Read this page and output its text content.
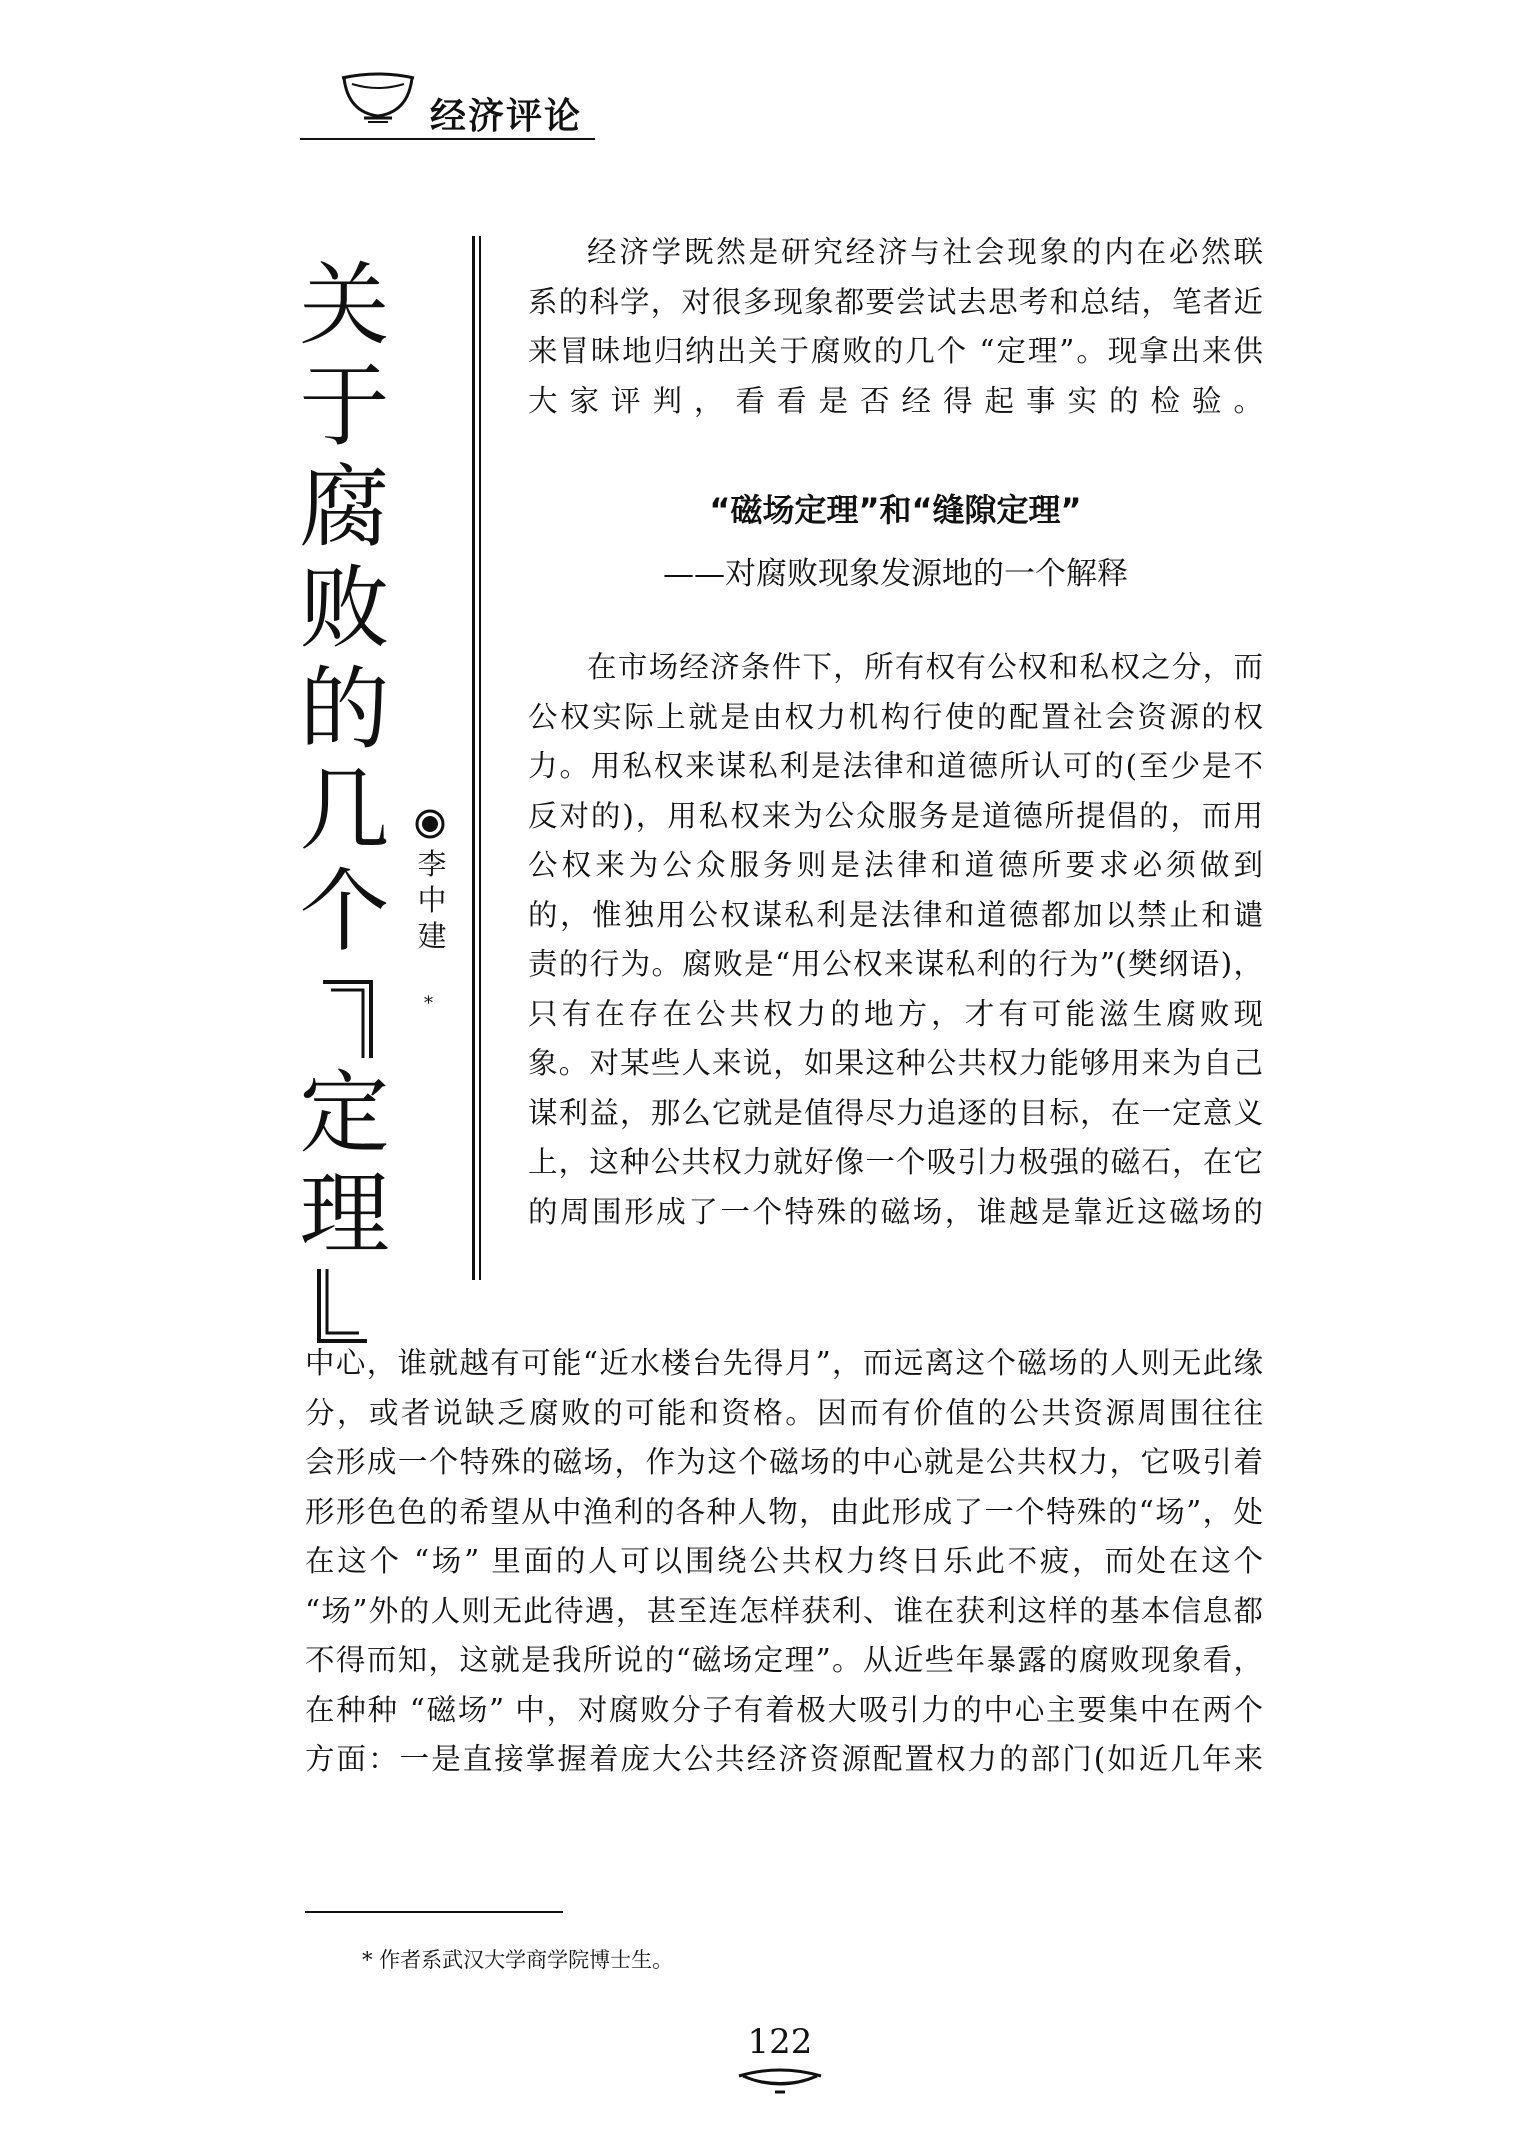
经济评论
关
于
腐
败
的
几
个
定
理
李
中
建
*
经济学既然是研究经济与社会现象的内在必然联
系的科学，对很多现象都要尝试去思考和总结，笔者近
来冒昧地归纳出关于腐败的几个 “定理”。现拿出来供
大家评判，看看是否经得起事实的检验。
“磁场定理”和“缝隙定理”
——对腐败现象发源地的一个解释
在市场经济条件下，所有权有公权和私权之分，而
公权实际上就是由权力机构行使的配置社会资源的权
力。用私权来谋私利是法律和道德所认可的(至少是不
反对的)，用私权来为公众服务是道德所提倡的，而用
公权来为公众服务则是法律和道德所要求必须做到
的，惟独用公权谋私利是法律和道德都加以禁止和谴
责的行为。腐败是“用公权来谋私利的行为”(樊纲语)，
只有在存在公共权力的地方，才有可能滋生腐败现
象。对某些人来说，如果这种公共权力能够用来为自己
谋利益，那么它就是值得尽力追逐的目标，在一定意义
上，这种公共权力就好像一个吸引力极强的磁石，在它
的周围形成了一个特殊的磁场，谁越是靠近这磁场的
中心，谁就越有可能“近水楼台先得月”，而远离这个磁场的人则无此缘
分，或者说缺乏腐败的可能和资格。因而有价值的公共资源周围往往
会形成一个特殊的磁场，作为这个磁场的中心就是公共权力，它吸引着
形形色色的希望从中渔利的各种人物，由此形成了一个特殊的“场”，处
在这个 “场” 里面的人可以围绕公共权力终日乐此不疲，而处在这个
“场”外的人则无此待遇，甚至连怎样获利、谁在获利这样的基本信息都
不得而知，这就是我所说的“磁场定理”。从近些年暴露的腐败现象看，
在种种 “磁场” 中，对腐败分子有着极大吸引力的中心主要集中在两个
方面：一是直接掌握着庞大公共经济资源配置权力的部门(如近几年来
* 作者系武汉大学商学院博士生。
122
